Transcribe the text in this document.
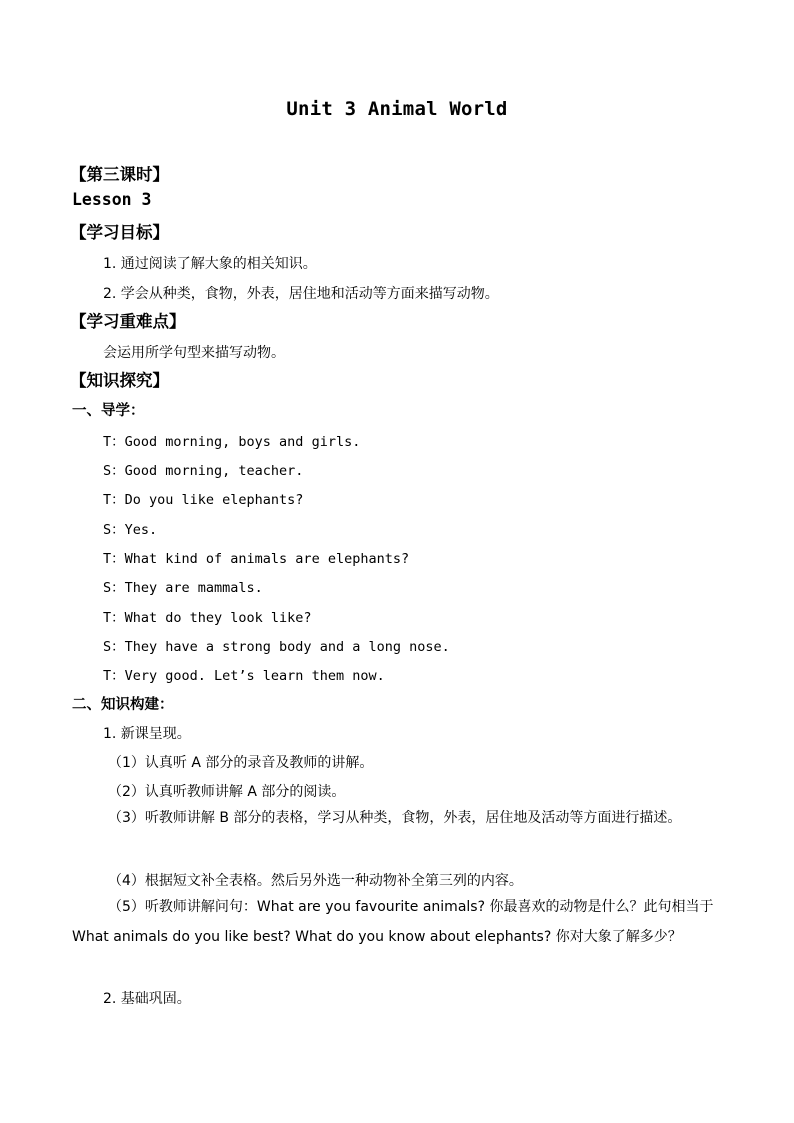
Unit 3 Animal World
【第三课时】
Lesson 3
【学习目标】
1. 通过阅读了解大象的相关知识。
2. 学会从种类，食物，外表，居住地和活动等方面来描写动物。
【学习重难点】
会运用所学句型来描写动物。
【知识探究】
一、导学：
T：Good morning, boys and girls.
S：Good morning, teacher.
T：Do you like elephants?
S：Yes.
T：What kind of animals are elephants?
S：They are mammals.
T：What do they look like?
S：They have a strong body and a long nose.
T：Very good. Let’s learn them now.
二、知识构建：
1. 新课呈现。
（1）认真听 A 部分的录音及教师的讲解。
（2）认真听教师讲解 A 部分的阅读。
（3）听教师讲解 B 部分的表格，学习从种类，食物，外表，居住地及活动等方面进行描述。
（4）根据短文补全表格。然后另外选一种动物补全第三列的内容。
（5）听教师讲解问句：What are you favourite animals? 你最喜欢的动物是什么？此句相当于 What animals do you like best? What do you know about elephants? 你对大象了解多少？
2. 基础巩固。
